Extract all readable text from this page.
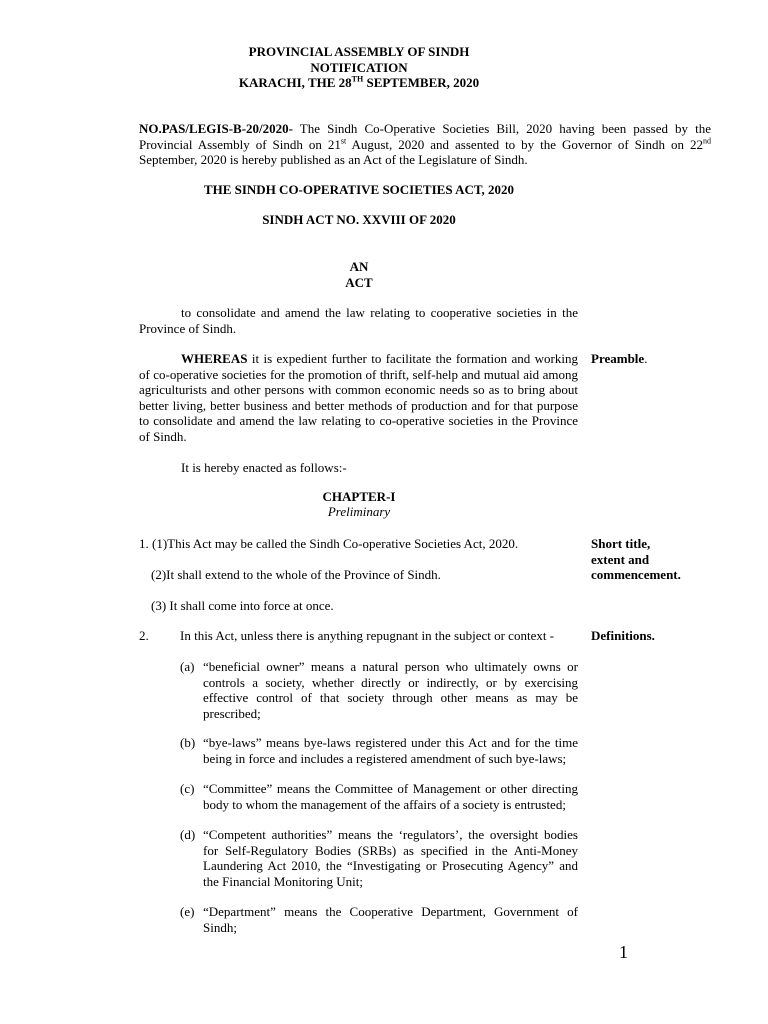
PROVINCIAL ASSEMBLY OF SINDH
NOTIFICATION
KARACHI, THE 28TH SEPTEMBER, 2020
NO.PAS/LEGIS-B-20/2020- The Sindh Co-Operative Societies Bill, 2020 having been passed by the Provincial Assembly of Sindh on 21st August, 2020 and assented to by the Governor of Sindh on 22nd September, 2020 is hereby published as an Act of the Legislature of Sindh.
THE SINDH CO-OPERATIVE SOCIETIES ACT, 2020
SINDH ACT NO. XXVIII OF 2020
AN
ACT
to consolidate and amend the law relating to cooperative societies in the Province of Sindh.
WHEREAS it is expedient further to facilitate the formation and working of co-operative societies for the promotion of thrift, self-help and mutual aid among agriculturists and other persons with common economic needs so as to bring about better living, better business and better methods of production and for that purpose to consolidate and amend the law relating to co-operative societies in the Province of Sindh.
Preamble.
It is hereby enacted as follows:-
CHAPTER-I
Preliminary
1. (1)This Act may be called the Sindh Co-operative Societies Act, 2020.
(2)It shall extend to the whole of the Province of Sindh.
(3) It shall come into force at once.
Short title,
extent and
commencement.
2. In this Act, unless there is anything repugnant in the subject or context -	Definitions.
(a) “beneficial owner” means a natural person who ultimately owns or controls a society, whether directly or indirectly, or by exercising effective control of that society through other means as may be prescribed;
(b) “bye-laws” means bye-laws registered under this Act and for the time being in force and includes a registered amendment of such bye-laws;
(c) “Committee” means the Committee of Management or other directing body to whom the management of the affairs of a society is entrusted;
(d) “Competent authorities” means the ‘regulators’, the oversight bodies for Self-Regulatory Bodies (SRBs) as specified in the Anti-Money Laundering Act 2010, the “Investigating or Prosecuting Agency” and the Financial Monitoring Unit;
(e) “Department” means the Cooperative Department, Government of Sindh;
1
